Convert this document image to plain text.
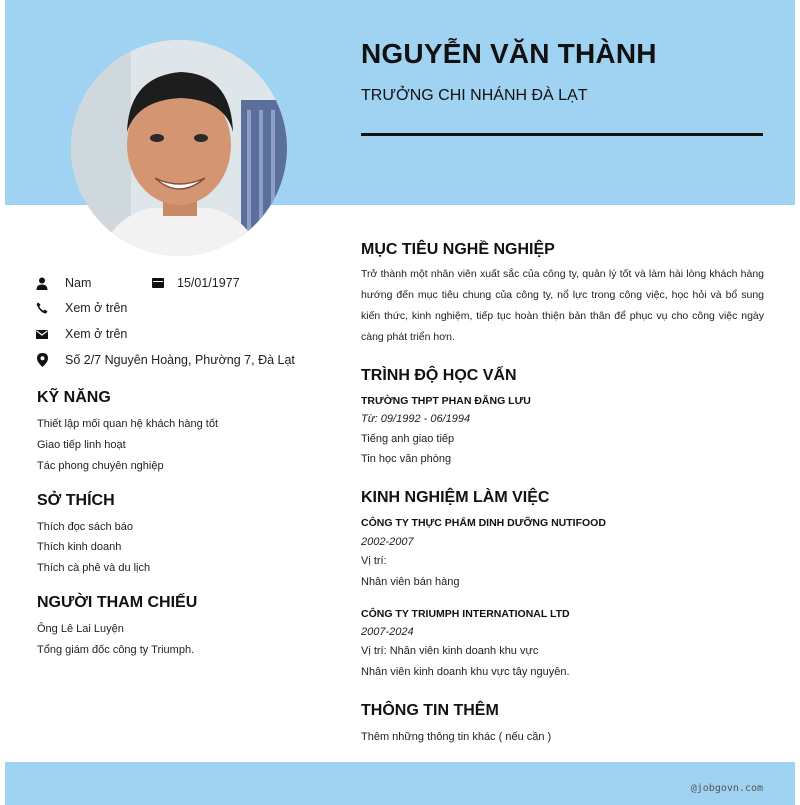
NGUYỄN VĂN THÀNH
TRƯỞNG CHI NHÁNH ĐÀ LẠT
Nam	15/01/1977
Xem ở trên
Xem ở trên
Số 2/7 Nguyên Hoàng, Phường 7, Đà Lạt
KỸ NĂNG
Thiết lập mối quan hệ khách hàng tốt
Giao tiếp linh hoạt
Tác phong chuyên nghiệp
SỞ THÍCH
Thích đọc sách báo
Thích kinh doanh
Thích cà phê và du lịch
NGƯỜI THAM CHIẾU
Ông Lê Lai Luyện
Tổng giám đốc công ty Triumph.
MỤC TIÊU NGHỀ NGHIỆP
Trở thành một nhân viên xuất sắc của công ty, quản lý tốt và làm hài lòng khách hàng hướng đến mục tiêu chung của công ty, nổ lực trong công việc, học hỏi và bổ sung kiến thức, kinh nghiệm, tiếp tục hoàn thiện bản thân để phục vụ cho công việc ngày càng phát triển hơn.
TRÌNH ĐỘ HỌC VẤN
TRƯỜNG THPT PHAN ĐĂNG LƯU
Từ: 09/1992 - 06/1994
Tiếng anh giao tiếp
Tin học văn phòng
KINH NGHIỆM LÀM VIỆC
CÔNG TY THỰC PHẨM DINH DƯỠNG NUTIFOOD
2002-2007
Vị trí:
Nhân viên bán hàng
CÔNG TY TRIUMPH INTERNATIONAL LTD
2007-2024
Vị trí: Nhân viên kinh doanh khu vực
Nhân viên kinh doanh khu vực tây nguyên.
THÔNG TIN THÊM
Thêm những thông tin khác ( nếu cần )
@jobgovn.com
